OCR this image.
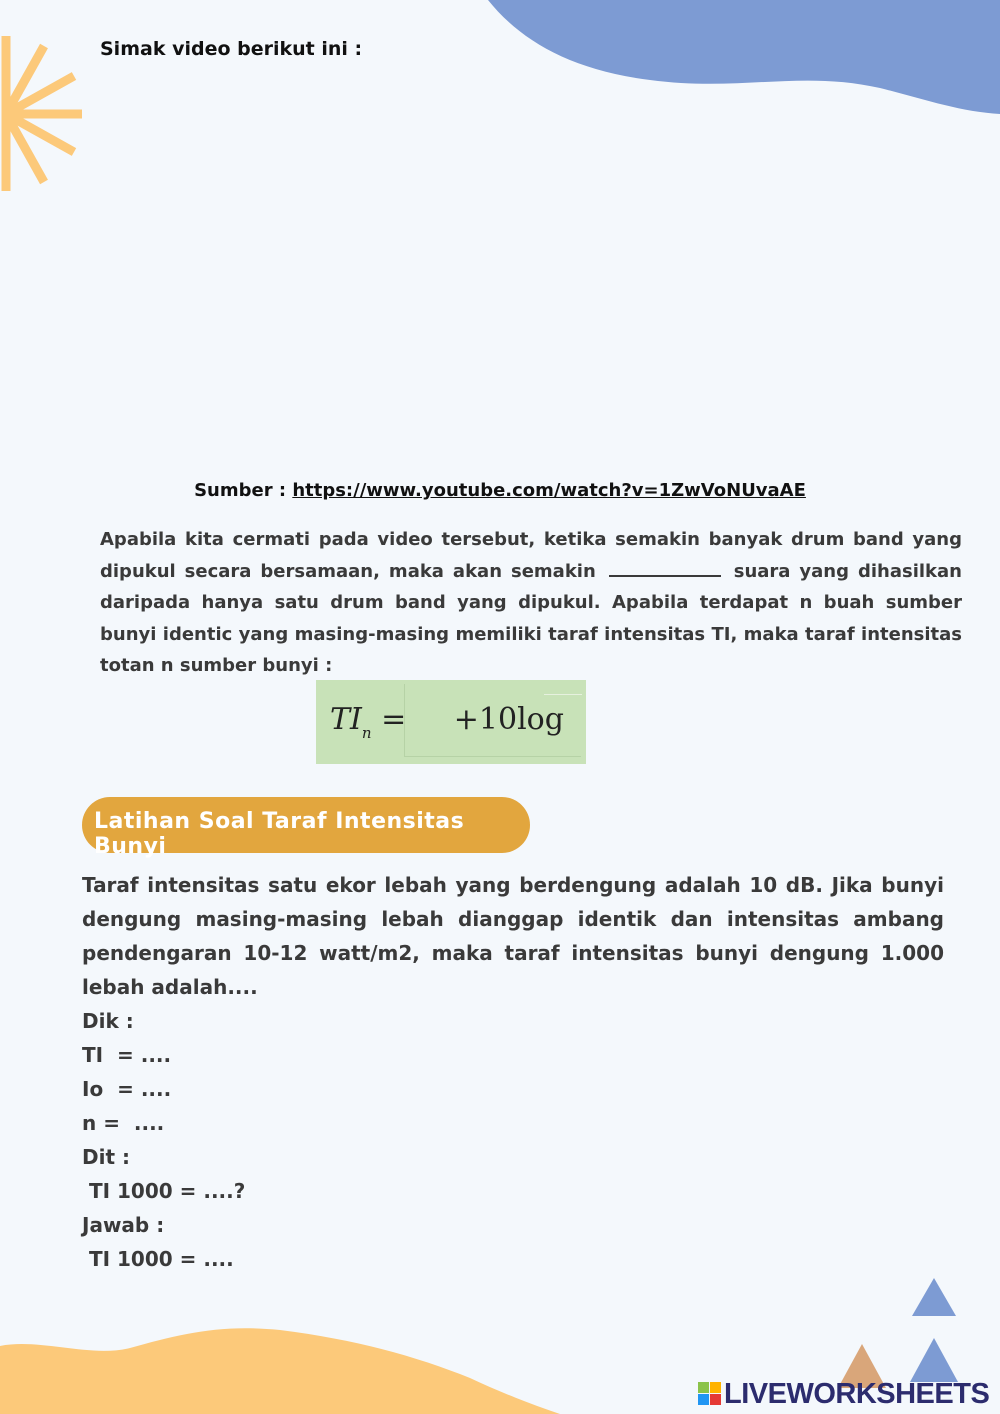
Simak video berikut ini :
Sumber : https://www.youtube.com/watch?v=1ZwVoNUvaAE
Apabila kita cermati pada video tersebut, ketika semakin banyak drum band yang dipukul secara bersamaan, maka akan semakin	suara yang dihasilkan daripada hanya satu drum band yang dipukul. Apabila terdapat n buah sumber bunyi identic yang masing-masing memiliki taraf intensitas TI, maka taraf intensitas totan n sumber bunyi :
$TI_n = +10\log$
Latihan Soal Taraf Intensitas Bunyi
Taraf intensitas satu ekor lebah yang berdengung adalah 10 dB. Jika bunyi dengung masing-masing lebah dianggap identik dan intensitas ambang pendengaran 10-12 watt/m2, maka taraf intensitas bunyi dengung 1.000 lebah adalah....
Dik :
TI  = ....
Io  = ....
n =  ....
Dit :
TI 1000 = ....?
Jawab :
TI 1000 = ....
LIVEWORKSHEETS
